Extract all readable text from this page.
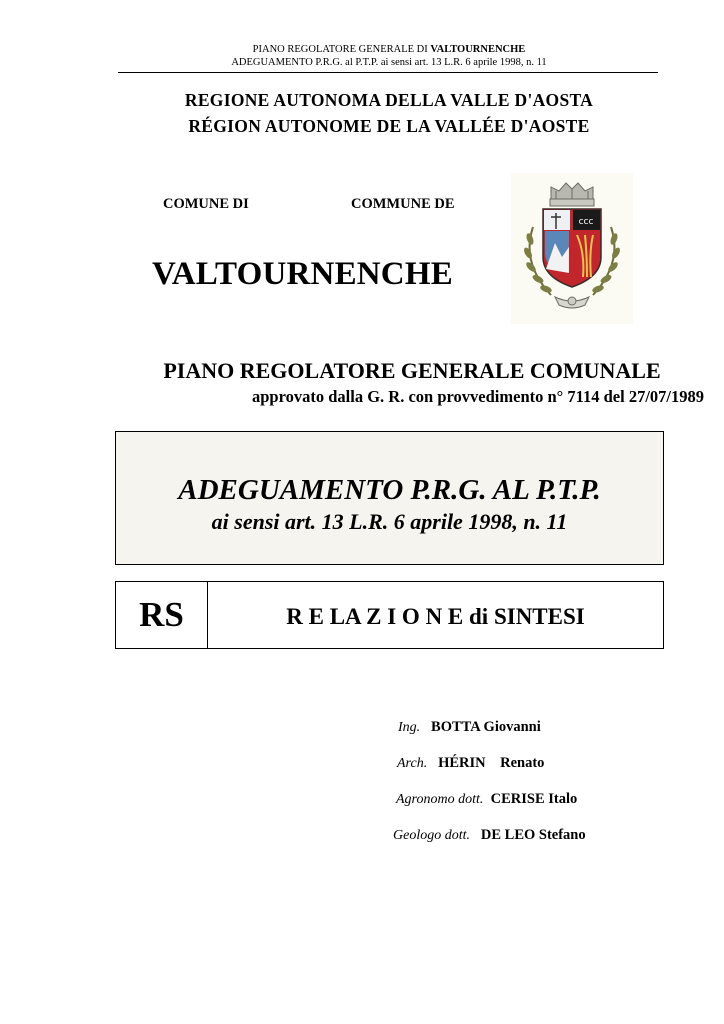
PIANO REGOLATORE GENERALE DI VALTOURNENCHE
ADEGUAMENTO P.R.G. al P.T.P. ai sensi art. 13 L.R. 6 aprile 1998, n. 11
REGIONE AUTONOMA DELLA VALLE D'AOSTA
RÉGION AUTONOME DE LA VALLÉE D'AOSTE
COMUNE DI	COMMUNE DE
VALTOURNENCHE
ccc
PIANO REGOLATORE GENERALE COMUNALE
approvato dalla G. R. con provvedimento n° 7114 del 27/07/1989
ADEGUAMENTO P.R.G. AL P.T.P.
ai sensi art. 13 L.R. 6 aprile 1998, n. 11
RS	R E LA Z I O N E di SINTESI
Ing. BOTTA Giovanni
Arch. HÉRIN    Renato
Agronomo dott. CERISE Italo
Geologo dott. DE LEO Stefano
